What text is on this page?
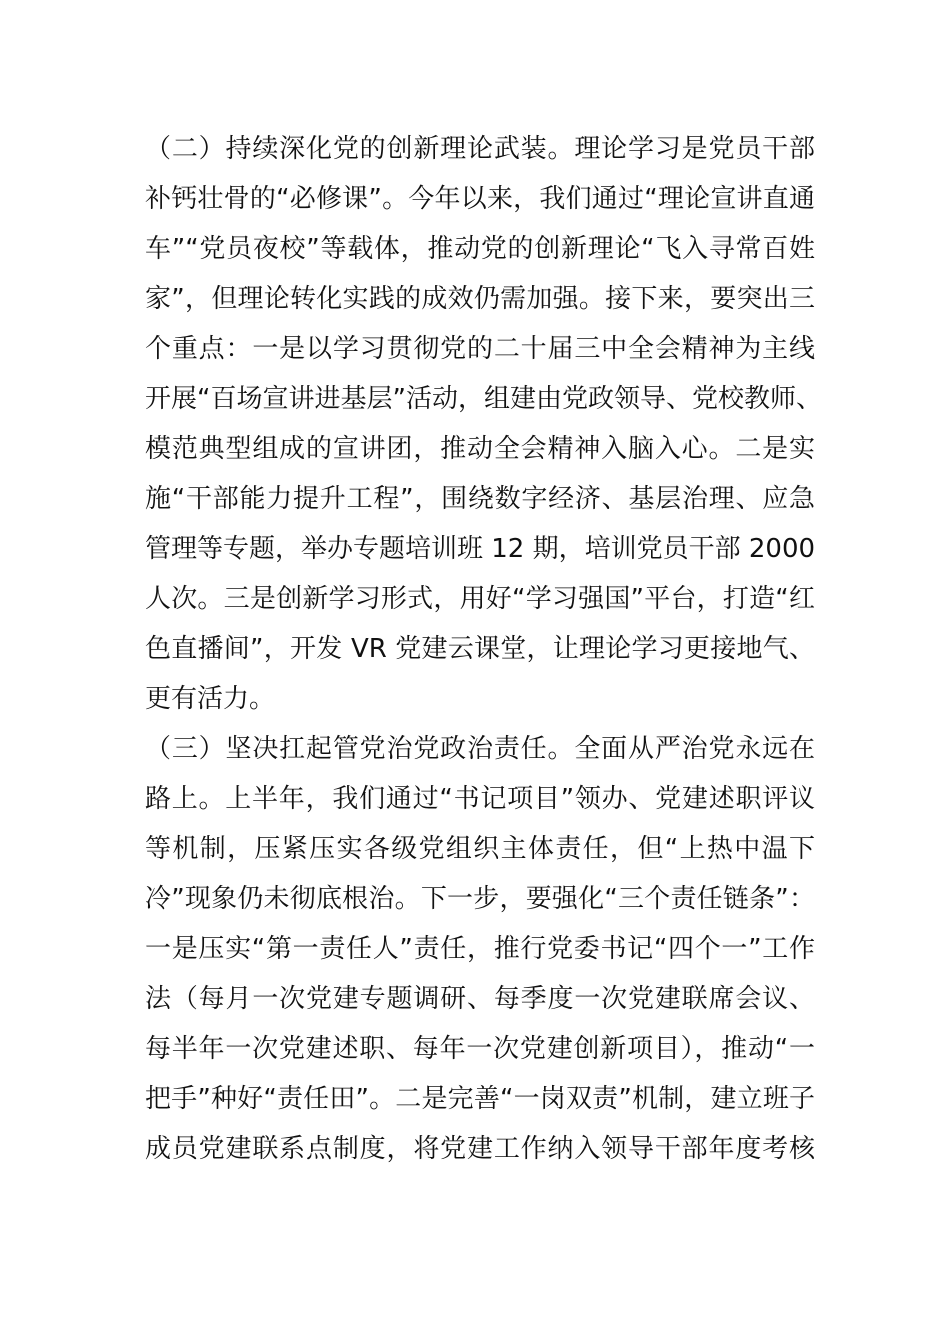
（二）持续深化党的创新理论武装。理论学习是党员干部
补钙壮骨的“必修课”。今年以来，我们通过“理论宣讲直通
车”“党员夜校”等载体，推动党的创新理论“飞入寻常百姓
家”，但理论转化实践的成效仍需加强。接下来，要突出三
个重点：一是以学习贯彻党的二十届三中全会精神为主线
开展“百场宣讲进基层”活动，组建由党政领导、党校教师、
模范典型组成的宣讲团，推动全会精神入脑入心。二是实
施“干部能力提升工程”，围绕数字经济、基层治理、应急
管理等专题，举办专题培训班 12 期，培训党员干部 2000
人次。三是创新学习形式，用好“学习强国”平台，打造“红
色直播间”，开发 VR 党建云课堂，让理论学习更接地气、
更有活力。
（三）坚决扛起管党治党政治责任。全面从严治党永远在
路上。上半年，我们通过“书记项目”领办、党建述职评议
等机制，压紧压实各级党组织主体责任，但“上热中温下
冷”现象仍未彻底根治。下一步，要强化“三个责任链条”：
一是压实“第一责任人”责任，推行党委书记“四个一”工作
法（每月一次党建专题调研、每季度一次党建联席会议、
每半年一次党建述职、每年一次党建创新项目），推动“一
把手”种好“责任田”。二是完善“一岗双责”机制，建立班子
成员党建联系点制度，将党建工作纳入领导干部年度考核
